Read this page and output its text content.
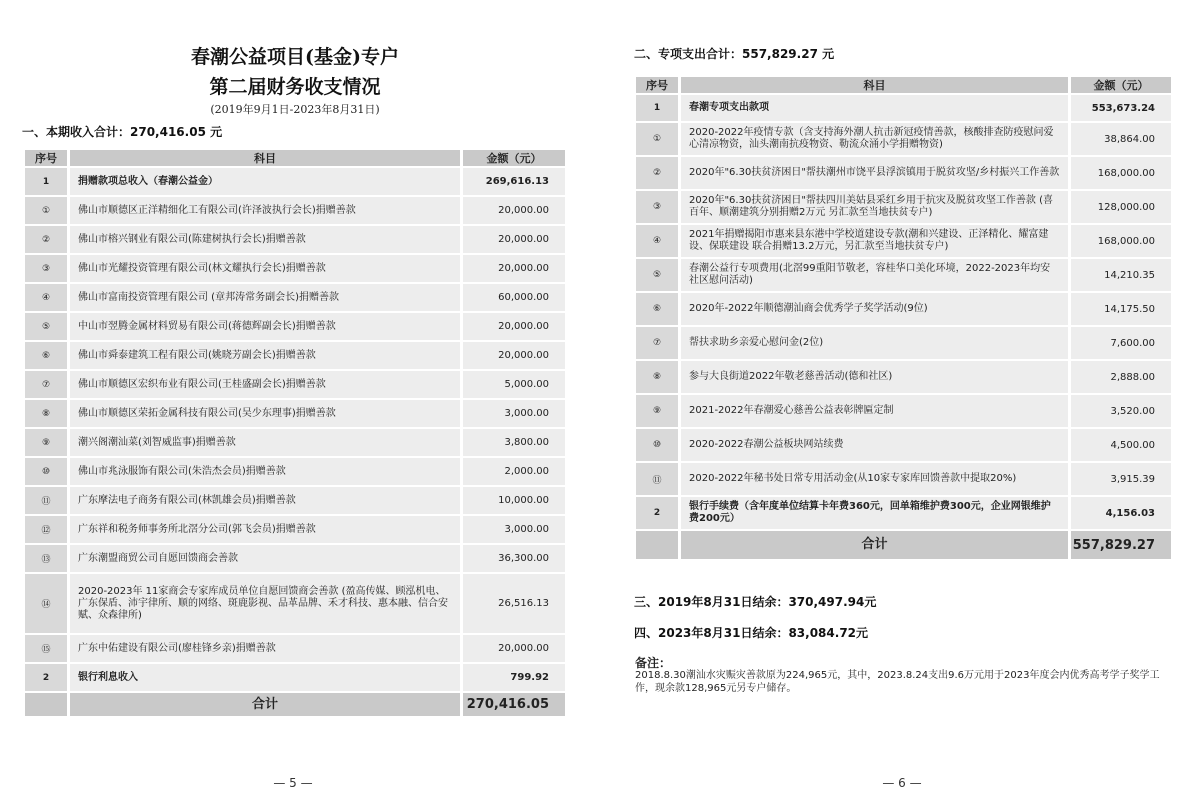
春潮公益项目(基金)专户
第二届财务收支情况
(2019年9月1日-2023年8月31日)
一、本期收入合计：270,416.05 元
序号	科目	金额（元）
1	捐赠款项总收入（春潮公益金）	269,616.13
①	佛山市顺德区正洋精细化工有限公司(许泽波执行会长)捐赠善款	20,000.00
②	佛山市榕兴钢业有限公司(陈建树执行会长)捐赠善款	20,000.00
③	佛山市光耀投资管理有限公司(林文耀执行会长)捐赠善款	20,000.00
④	佛山市富南投资管理有限公司 (章邦涛常务副会长)捐赠善款	60,000.00
⑤	中山市翌腾金属材料贸易有限公司(蒋德辉副会长)捐赠善款	20,000.00
⑥	佛山市舜泰建筑工程有限公司(姚晓芳副会长)捐赠善款	20,000.00
⑦	佛山市顺德区宏织布业有限公司(王桂盛副会长)捐赠善款	5,000.00
⑧	佛山市顺德区荣拓金属科技有限公司(吴少东理事)捐赠善款	3,000.00
⑨	潮兴阁潮汕菜(刘智威监事)捐赠善款	3,800.00
⑩	佛山市兆泳服饰有限公司(朱浩杰会员)捐赠善款	2,000.00
⑪	广东摩法电子商务有限公司(林凯雄会员)捐赠善款	10,000.00
⑫	广东祥和税务师事务所北滘分公司(郭飞会员)捐赠善款	3,000.00
⑬	广东潮盟商贸公司自愿回馈商会善款	36,300.00
⑭	2020-2023年 11家商会专家库成员单位自愿回馈商会善款 (盈高传媒、顾泓机电、广东保盾、沛宇律所、顺的网络、斑鹿影视、品革品牌、禾才科技、惠本融、信合安赋、众森律所)	26,516.13
⑮	广东中佑建设有限公司(廖桂锋乡亲)捐赠善款	20,000.00
2	银行利息收入	799.92
	合计	270,416.05
— 5 —
二、专项支出合计：557,829.27 元
序号	科目	金额（元）
1	春潮专项支出款项	553,673.24
①	2020-2022年疫情专款（含支持海外潮人抗击新冠疫情善款，核酸排查防疫慰问爱心清凉物资，汕头潮南抗疫物资、勒流众涌小学捐赠物资)	38,864.00
②	2020年"6.30扶贫济困日"帮扶潮州市饶平县浮滨镇用于脱贫攻坚/乡村振兴工作善款	168,000.00
③	2020年"6.30扶贫济困日"帮扶四川美姑县采红乡用于抗灾及脱贫攻坚工作善款 (喜百年、顺潮建筑分别捐赠2万元 另汇款至当地扶贫专户)	128,000.00
④	2021年捐赠揭阳市惠来县东港中学校道建设专款(潮和兴建设、正泽精化、耀富建设、保联建设 联合捐赠13.2万元，另汇款至当地扶贫专户)	168,000.00
⑤	春潮公益行专项费用(北滘99重阳节敬老，容桂华口美化环境，2022-2023年均安社区慰问活动)	14,210.35
⑥	2020年-2022年顺德潮汕商会优秀学子奖学活动(9位)	14,175.50
⑦	帮扶求助乡亲爱心慰问金(2位)	7,600.00
⑧	参与大良街道2022年敬老慈善活动(德和社区)	2,888.00
⑨	2021-2022年春潮爱心慈善公益表彰牌匾定制	3,520.00
⑩	2020-2022春潮公益板块网站续费	4,500.00
⑪	2020-2022年秘书处日常专用活动金(从10家专家库回馈善款中提取20%)	3,915.39
2	银行手续费（含年度单位结算卡年费360元，回单箱维护费300元，企业网银维护费200元）	4,156.03
	合计	557,829.27
三、2019年8月31日结余：370,497.94元
四、2023年8月31日结余：83,084.72元
备注：
2018.8.30潮汕水灾赈灾善款原为224,965元，其中，2023.8.24支出9.6万元用于2023年度会内优秀高考学子奖学工作，现余款128,965元另专户储存。
— 6 —
